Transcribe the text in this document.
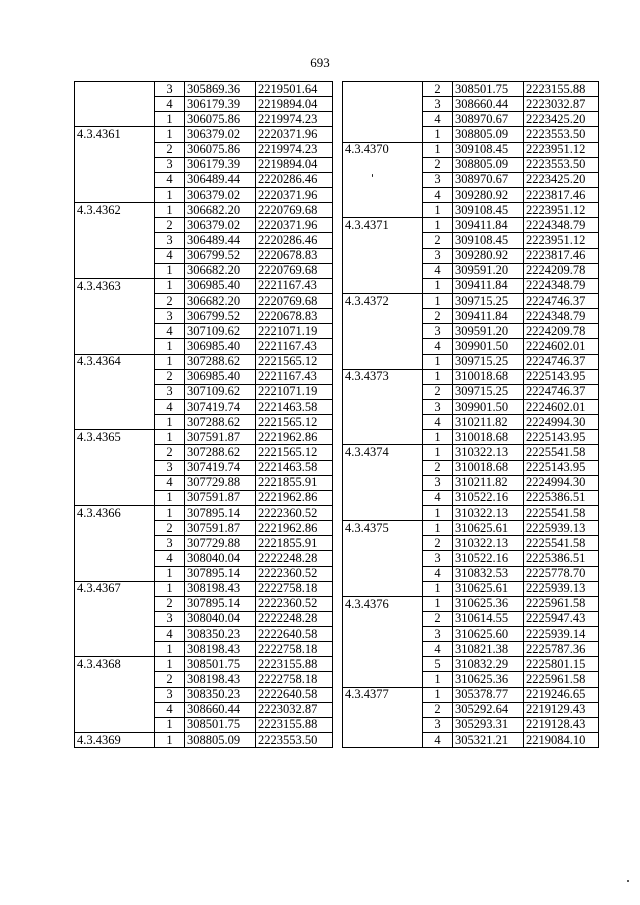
693
	3	305869.36	2219501.64
	4	306179.39	2219894.04
	1	306075.86	2219974.23
4.3.4361	1	306379.02	2220371.96
	2	306075.86	2219974.23
	3	306179.39	2219894.04
	4	306489.44	2220286.46
	1	306379.02	2220371.96
4.3.4362	1	306682.20	2220769.68
	2	306379.02	2220371.96
	3	306489.44	2220286.46
	4	306799.52	2220678.83
	1	306682.20	2220769.68
4.3.4363	1	306985.40	2221167.43
	2	306682.20	2220769.68
	3	306799.52	2220678.83
	4	307109.62	2221071.19
	1	306985.40	2221167.43
4.3.4364	1	307288.62	2221565.12
	2	306985.40	2221167.43
	3	307109.62	2221071.19
	4	307419.74	2221463.58
	1	307288.62	2221565.12
4.3.4365	1	307591.87	2221962.86
	2	307288.62	2221565.12
	3	307419.74	2221463.58
	4	307729.88	2221855.91
	1	307591.87	2221962.86
4.3.4366	1	307895.14	2222360.52
	2	307591.87	2221962.86
	3	307729.88	2221855.91
	4	308040.04	2222248.28
	1	307895.14	2222360.52
4.3.4367	1	308198.43	2222758.18
	2	307895.14	2222360.52
	3	308040.04	2222248.28
	4	308350.23	2222640.58
	1	308198.43	2222758.18
4.3.4368	1	308501.75	2223155.88
	2	308198.43	2222758.18
	3	308350.23	2222640.58
	4	308660.44	2223032.87
	1	308501.75	2223155.88
4.3.4369	1	308805.09	2223553.50
	2	308501.75	2223155.88
	3	308660.44	2223032.87
	4	308970.67	2223425.20
	1	308805.09	2223553.50
4.3.4370	1	309108.45	2223951.12
	2	308805.09	2223553.50
	3	308970.67	2223425.20
	4	309280.92	2223817.46
	1	309108.45	2223951.12
4.3.4371	1	309411.84	2224348.79
	2	309108.45	2223951.12
	3	309280.92	2223817.46
	4	309591.20	2224209.78
	1	309411.84	2224348.79
4.3.4372	1	309715.25	2224746.37
	2	309411.84	2224348.79
	3	309591.20	2224209.78
	4	309901.50	2224602.01
	1	309715.25	2224746.37
4.3.4373	1	310018.68	2225143.95
	2	309715.25	2224746.37
	3	309901.50	2224602.01
	4	310211.82	2224994.30
	1	310018.68	2225143.95
4.3.4374	1	310322.13	2225541.58
	2	310018.68	2225143.95
	3	310211.82	2224994.30
	4	310522.16	2225386.51
	1	310322.13	2225541.58
4.3.4375	1	310625.61	2225939.13
	2	310322.13	2225541.58
	3	310522.16	2225386.51
	4	310832.53	2225778.70
	1	310625.61	2225939.13
4.3.4376	1	310625.36	2225961.58
	2	310614.55	2225947.43
	3	310625.60	2225939.14
	4	310821.38	2225787.36
	5	310832.29	2225801.15
	1	310625.36	2225961.58
4.3.4377	1	305378.77	2219246.65
	2	305292.64	2219129.43
	3	305293.31	2219128.43
	4	305321.21	2219084.10
